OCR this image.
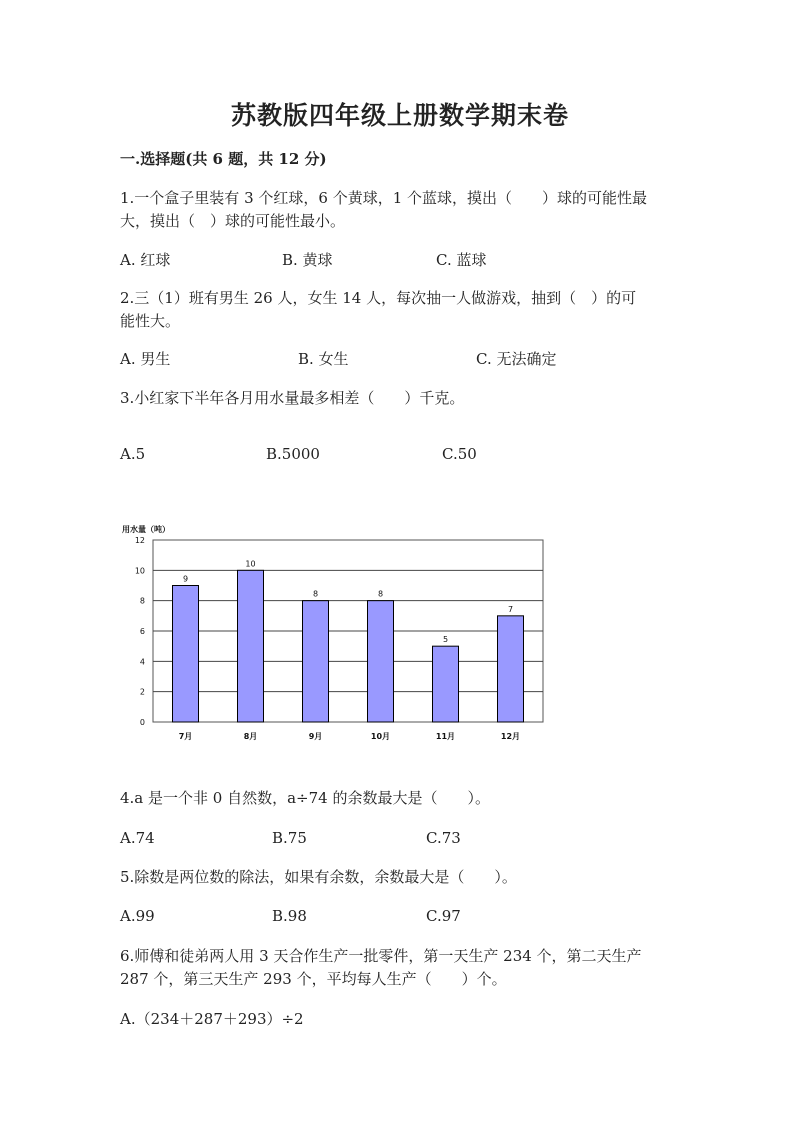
苏教版四年级上册数学期末卷
一.选择题(共 6 题，共 12 分)
1.一个盒子里装有 3 个红球，6 个黄球，1 个蓝球，摸出（　　）球的可能性最
大，摸出（　）球的可能性最小。
A. 红球	B. 黄球	C. 蓝球
2.三（1）班有男生 26 人，女生 14 人，每次抽一人做游戏，抽到（　）的可
能性大。
A. 男生	B. 女生	C. 无法确定
3.小红家下半年各月用水量最多相差（　　）千克。
A.5	B.5000	C.50
0
2
4
6
8
10
12
用水量（吨）
9
7月
10
8月
8
9月
8
10月
5
11月
7
12月
4.a 是一个非 0 自然数，a÷74 的余数最大是（　　）。
A.74	B.75	C.73
5.除数是两位数的除法，如果有余数，余数最大是（　　）。
A.99	B.98	C.97
6.师傅和徒弟两人用 3 天合作生产一批零件，第一天生产 234 个，第二天生产
287 个，第三天生产 293 个，平均每人生产（　　）个。
A.（234＋287＋293）÷2
